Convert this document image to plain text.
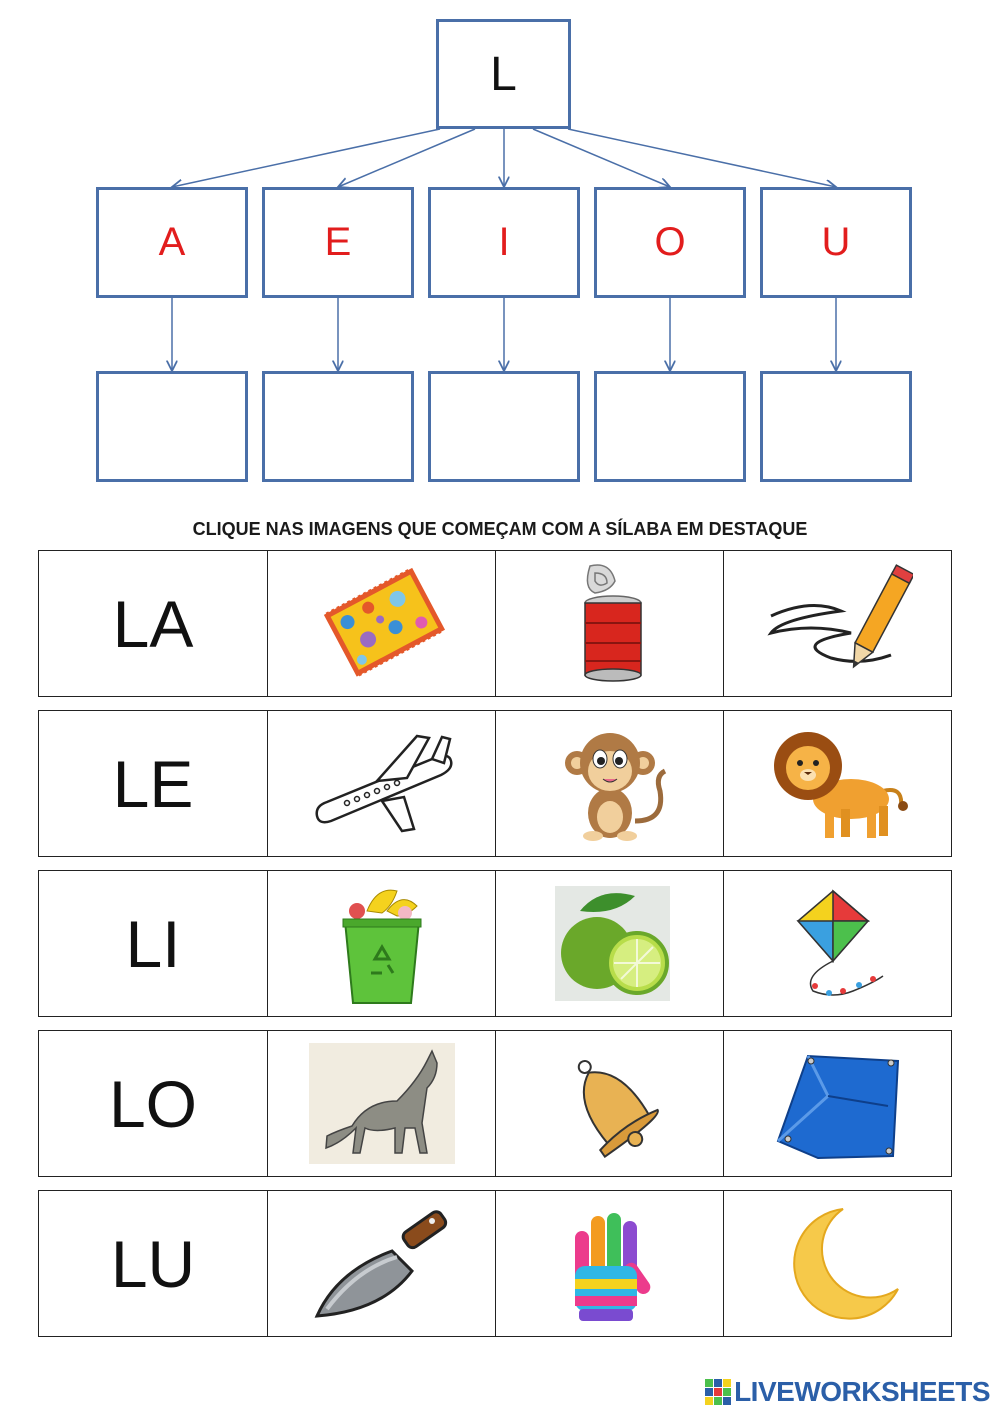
L
A	E	I	O	U
CLIQUE NAS IMAGENS QUE COMEÇAM COM A SÍLABA EM DESTAQUE
LA
LE
LI
LO
LU
LIVEWORKSHEETS
